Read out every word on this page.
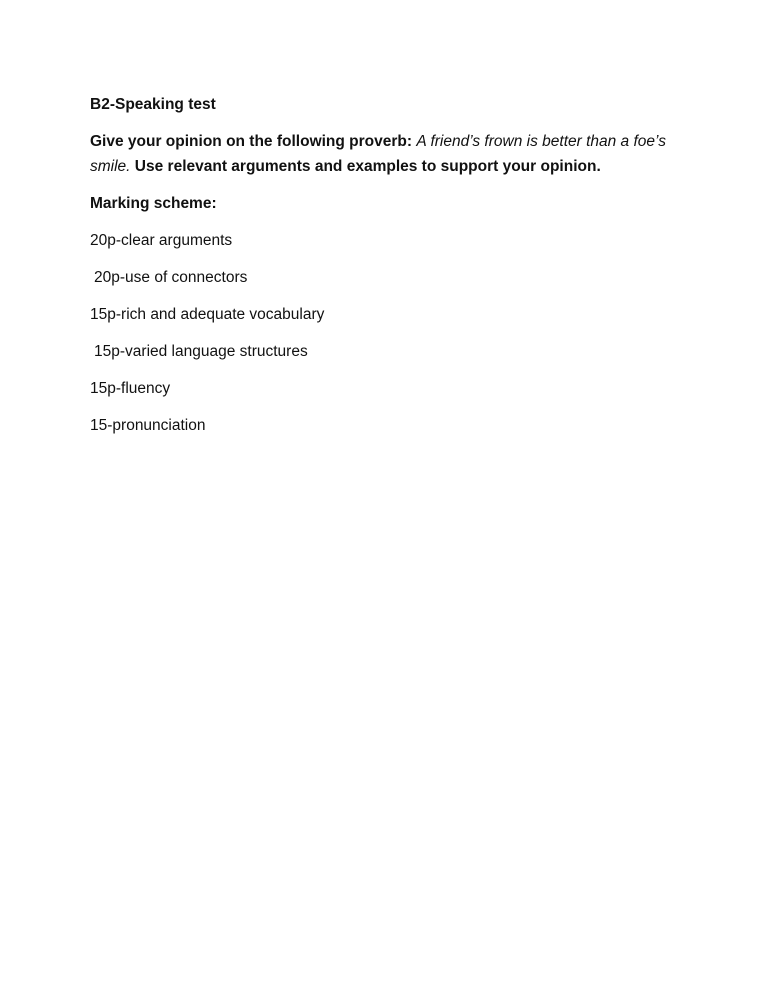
B2-Speaking test

Give your opinion on the following proverb: A friend’s frown is better than a foe’s smile. Use relevant arguments and examples to support your opinion.

Marking scheme:

20p-clear arguments
20p-use of connectors
15p-rich and adequate vocabulary
15p-varied language structures
15p-fluency
15-pronunciation
